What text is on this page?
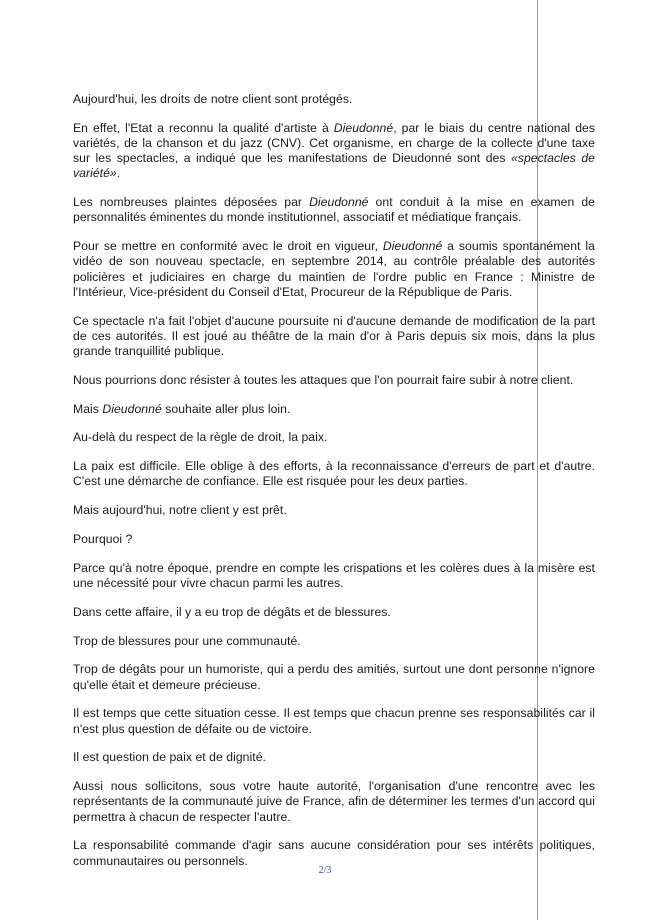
Aujourd'hui, les droits de notre client sont protégés.

En effet, l'Etat a reconnu la qualité d'artiste à Dieudonné, par le biais du centre national des variétés, de la chanson et du jazz (CNV). Cet organisme, en charge de la collecte d'une taxe sur les spectacles, a indiqué que les manifestations de Dieudonné sont des «spectacles de variété».

Les nombreuses plaintes déposées par Dieudonné ont conduit à la mise en examen de personnalités éminentes du monde institutionnel, associatif et médiatique français.

Pour se mettre en conformité avec le droit en vigueur, Dieudonné a soumis spontanément la vidéo de son nouveau spectacle, en septembre 2014, au contrôle préalable des autorités policières et judiciaires en charge du maintien de l'ordre public en France : Ministre de l'Intérieur, Vice-président du Conseil d'Etat, Procureur de la République de Paris.

Ce spectacle n'a fait l'objet d'aucune poursuite ni d'aucune demande de modification de la part de ces autorités. Il est joué au théâtre de la main d'or à Paris depuis six mois, dans la plus grande tranquillité publique.

Nous pourrions donc résister à toutes les attaques que l'on pourrait faire subir à notre client.

Mais Dieudonné souhaite aller plus loin.

Au-delà du respect de la règle de droit, la paix.

La paix est difficile. Elle oblige à des efforts, à la reconnaissance d'erreurs de part et d'autre. C'est une démarche de confiance. Elle est risquée pour les deux parties.

Mais aujourd'hui, notre client y est prêt.

Pourquoi ?

Parce qu'à notre époque, prendre en compte les crispations et les colères dues à la misère est une nécessité pour vivre chacun parmi les autres.

Dans cette affaire, il y a eu trop de dégâts et de blessures.

Trop de blessures pour une communauté.

Trop de dégâts pour un humoriste, qui a perdu des amitiés, surtout une dont personne n'ignore qu'elle était et demeure précieuse.

Il est temps que cette situation cesse. Il est temps que chacun prenne ses responsabilités car il n'est plus question de défaite ou de victoire.

Il est question de paix et de dignité.

Aussi nous sollicitons, sous votre haute autorité, l'organisation d'une rencontre avec les représentants de la communauté juive de France, afin de déterminer les termes d'un accord qui permettra à chacun de respecter l'autre.

La responsabilité commande d'agir sans aucune considération pour ses intérêts politiques, communautaires ou personnels.

2/3
